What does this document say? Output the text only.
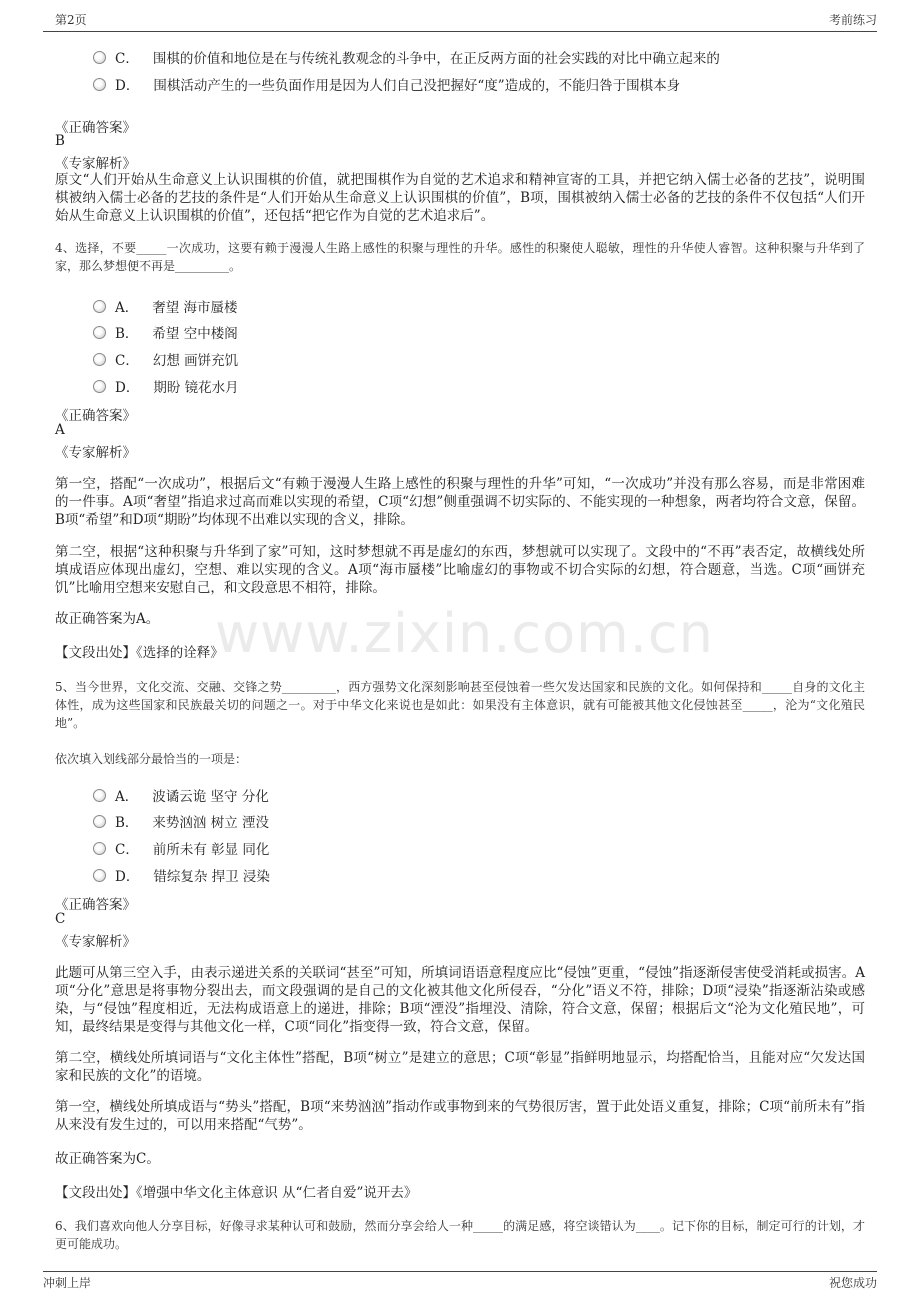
第2页	考前练习
www.zixin.com.cn
C． 围棋的价值和地位是在与传统礼教观念的斗争中，在正反两方面的社会实践的对比中确立起来的
D． 围棋活动产生的一些负面作用是因为人们自己没把握好“度”造成的，不能归咎于围棋本身
《正确答案》
B
《专家解析》
原文“人们开始从生命意义上认识围棋的价值，就把围棋作为自觉的艺术追求和精神宣寄的工具，并把它纳入儒士必备的艺技”，说明围棋被纳入儒士必备的艺技的条件是“人们开始从生命意义上认识围棋的价值”，B项，围棋被纳入儒士必备的艺技的条件不仅包括“人们开始从生命意义上认识围棋的价值”，还包括“把它作为自觉的艺术追求后”。
4、选择，不要_____一次成功，这要有赖于漫漫人生路上感性的积聚与理性的升华。感性的积聚使人聪敏，理性的升华使人睿智。这种积聚与升华到了家，那么梦想便不再是_________。
A． 奢望 海市蜃楼
B． 希望 空中楼阁
C． 幻想 画饼充饥
D． 期盼 镜花水月
《正确答案》
A
《专家解析》
第一空，搭配“一次成功”，根据后文“有赖于漫漫人生路上感性的积聚与理性的升华”可知，“一次成功”并没有那么容易，而是非常困难的一件事。A项“奢望”指追求过高而难以实现的希望，C项“幻想”侧重强调不切实际的、不能实现的一种想象，两者均符合文意，保留。B项“希望”和D项“期盼”均体现不出难以实现的含义，排除。
第二空，根据“这种积聚与升华到了家”可知，这时梦想就不再是虚幻的东西，梦想就可以实现了。文段中的“不再”表否定，故横线处所填成语应体现出虚幻，空想、难以实现的含义。A项“海市蜃楼”比喻虚幻的事物或不切合实际的幻想，符合题意，当选。C项“画饼充饥”比喻用空想来安慰自己，和文段意思不相符，排除。
故正确答案为A。
【文段出处】《选择的诠释》
5、当今世界，文化交流、交融、交锋之势_________，西方强势文化深刻影响甚至侵蚀着一些欠发达国家和民族的文化。如何保持和_____自身的文化主体性，成为这些国家和民族最关切的问题之一。对于中华文化来说也是如此：如果没有主体意识，就有可能被其他文化侵蚀甚至_____，沦为“文化殖民地”。
依次填入划线部分最恰当的一项是：
A． 波谲云诡 坚守 分化
B． 来势汹汹 树立 湮没
C． 前所未有 彰显 同化
D． 错综复杂 捍卫 浸染
《正确答案》
C
《专家解析》
此题可从第三空入手，由表示递进关系的关联词“甚至”可知，所填词语语意程度应比“侵蚀”更重，“侵蚀”指逐渐侵害使受消耗或损害。A项“分化”意思是将事物分裂出去，而文段强调的是自己的文化被其他文化所侵吞，“分化”语义不符，排除；D项“浸染”指逐渐沾染或感染，与“侵蚀”程度相近，无法构成语意上的递进，排除；B项“湮没”指埋没、清除，符合文意，保留；根据后文“沦为文化殖民地”，可知，最终结果是变得与其他文化一样，C项“同化”指变得一致，符合文意，保留。
第二空，横线处所填词语与“文化主体性”搭配，B项“树立”是建立的意思；C项“彰显”指鲜明地显示，均搭配恰当，且能对应“欠发达国家和民族的文化”的语境。
第一空，横线处所填成语与“势头”搭配，B项“来势汹汹”指动作或事物到来的气势很厉害，置于此处语义重复，排除；C项“前所未有”指从来没有发生过的，可以用来搭配“气势”。
故正确答案为C。
【文段出处】《增强中华文化主体意识 从“仁者自爱”说开去》
6、我们喜欢向他人分享目标，好像寻求某种认可和鼓励，然而分享会给人一种_____的满足感，将空谈错认为____。记下你的目标，制定可行的计划，才更可能成功。
冲刺上岸	祝您成功
